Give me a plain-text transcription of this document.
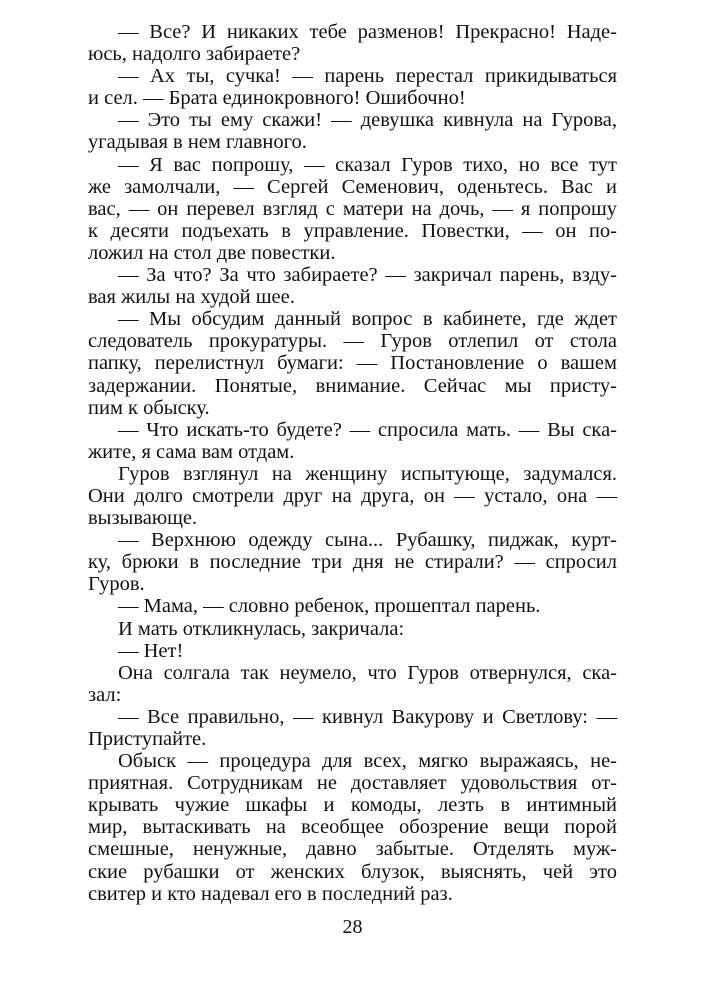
— Все? И никаких тебе разменов! Прекрасно! Наде-
юсь, надолго забираете?
— Ах ты, сучка! — парень перестал прикидываться
и сел. — Брата единокровного! Ошибочно!
— Это ты ему скажи! — девушка кивнула на Гурова,
угадывая в нем главного.
— Я вас попрошу, — сказал Гуров тихо, но все тут
же замолчали, — Сергей Семенович, оденьтесь. Вас и
вас, — он перевел взгляд с матери на дочь, — я попрошу
к десяти подъехать в управление. Повестки, — он по-
ложил на стол две повестки.
— За что? За что забираете? — закричал парень, взду-
вая жилы на худой шее.
— Мы обсудим данный вопрос в кабинете, где ждет
следователь прокуратуры. — Гуров отлепил от стола
папку, перелистнул бумаги: — Постановление о вашем
задержании. Понятые, внимание. Сейчас мы присту-
пим к обыску.
— Что искать-то будете? — спросила мать. — Вы ска-
жите, я сама вам отдам.
Гуров взглянул на женщину испытующе, задумался.
Они долго смотрели друг на друга, он — устало, она —
вызывающе.
— Верхнюю одежду сына... Рубашку, пиджак, курт-
ку, брюки в последние три дня не стирали? — спросил
Гуров.
— Мама, — словно ребенок, прошептал парень.
И мать откликнулась, закричала:
— Нет!
Она солгала так неумело, что Гуров отвернулся, ска-
зал:
— Все правильно, — кивнул Вакурову и Светлову: —
Приступайте.
Обыск — процедура для всех, мягко выражаясь, не-
приятная. Сотрудникам не доставляет удовольствия от-
крывать чужие шкафы и комоды, лезть в интимный
мир, вытаскивать на всеобщее обозрение вещи порой
смешные, ненужные, давно забытые. Отделять муж-
ские рубашки от женских блузок, выяснять, чей это
свитер и кто надевал его в последний раз.
28
